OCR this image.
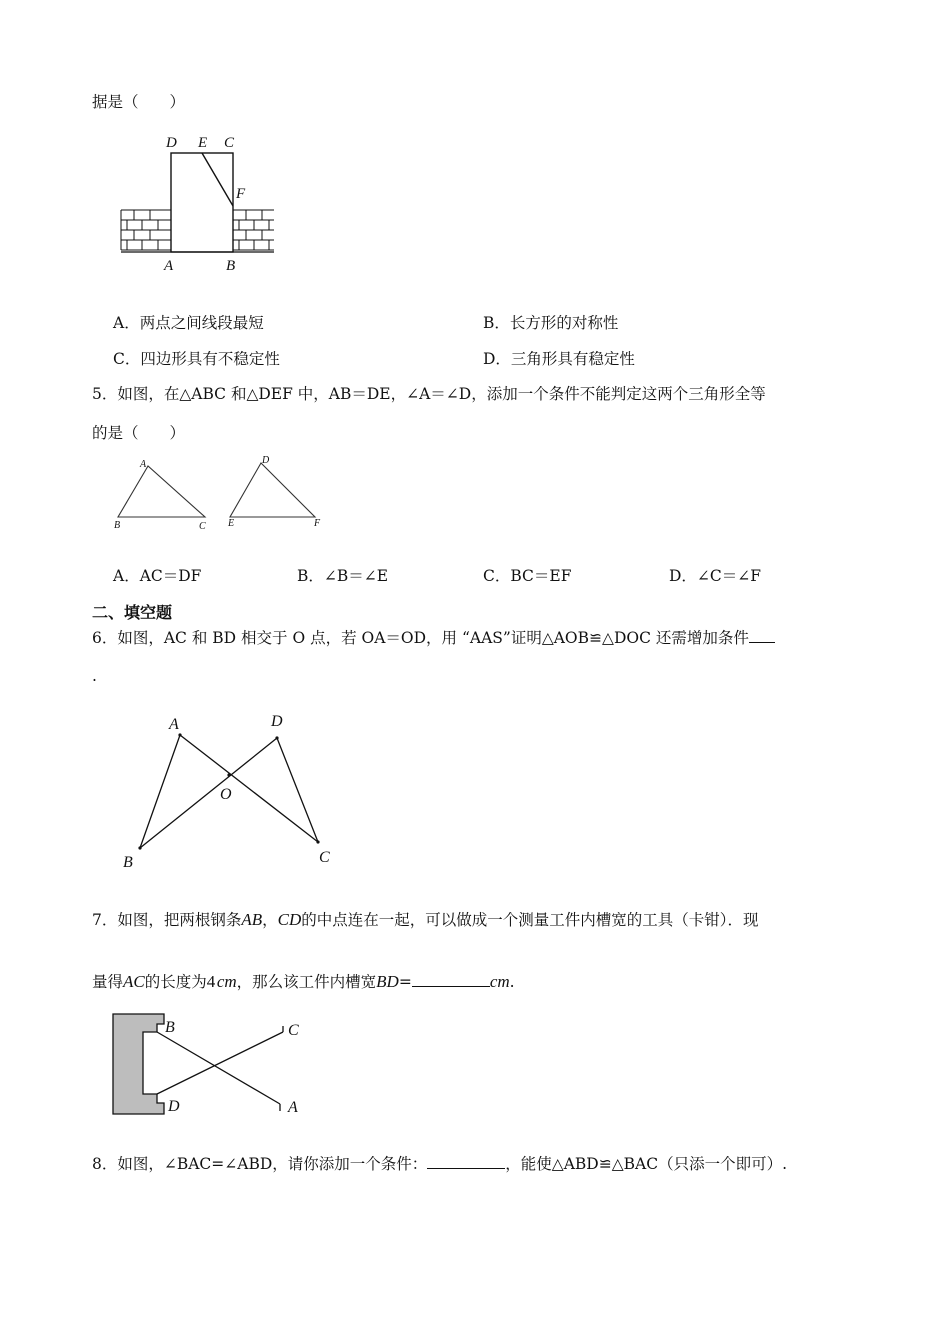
据是（　　）
D E C
F
A	B
A．两点之间线段最短	B．长方形的对称性
C．四边形具有不稳定性	D．三角形具有稳定性
5．如图，在△ABC 和△DEF 中，AB＝DE，∠A＝∠D，添加一个条件不能判定这两个三角形全等
的是（　　）
A
B	C
D
E	F
A．AC＝DF	B．∠B＝∠E	C．BC＝EF	D．∠C＝∠F
二、填空题
6．如图，AC 和 BD 相交于 O 点，若 OA＝OD，用 “AAS”证明△AOB≌△DOC 还需增加条件
.
A	D
O
B	C
7．如图，把两根钢条AB，CD的中点连在一起，可以做成一个测量工件内槽宽的工具（卡钳）．现
量得AC的长度为4 cm，那么该工件内槽宽BD=	cm.
B	C
D	A
8．如图，∠BAC=∠ABD，请你添加一个条件：	，能使△ABD≌△BAC（只添一个即可）.
